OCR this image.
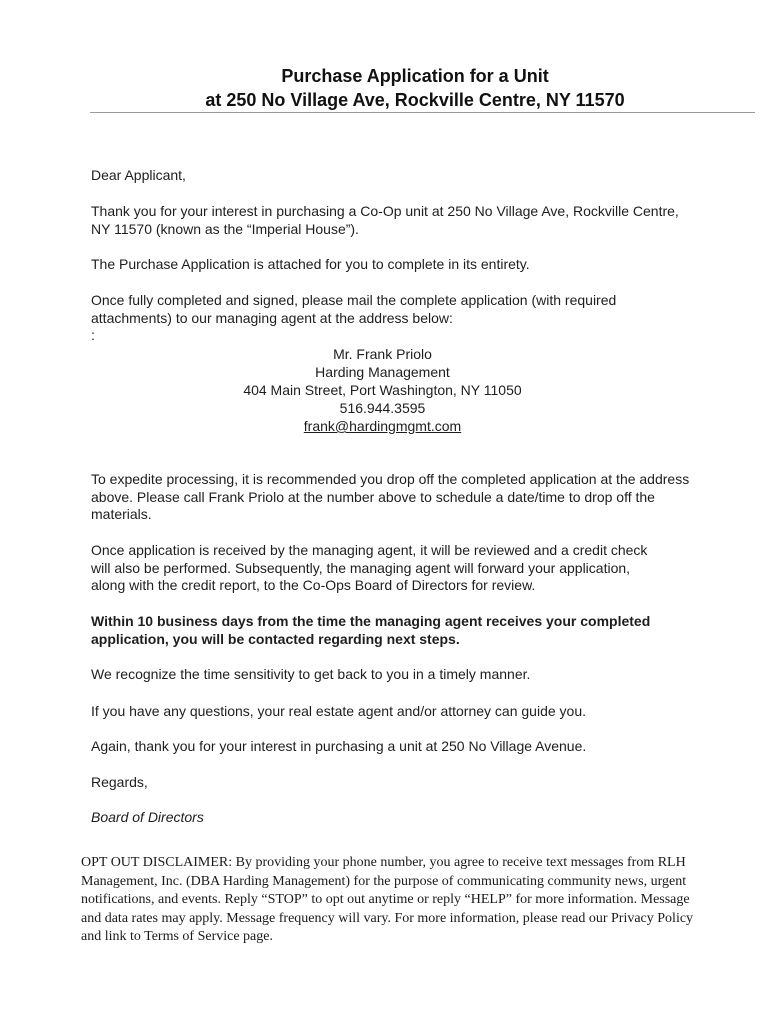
Purchase Application for a Unit
at 250 No Village Ave, Rockville Centre, NY 11570
Dear Applicant,
Thank you for your interest in purchasing a Co-Op unit at 250 No Village Ave, Rockville Centre, NY 11570 (known as the “Imperial House”).
The Purchase Application is attached for you to complete in its entirety.
Once fully completed and signed, please mail the complete application (with required attachments) to our managing agent at the address below:
:
Mr. Frank Priolo
Harding Management
404 Main Street, Port Washington, NY 11050
516.944.3595
frank@hardingmgmt.com
To expedite processing, it is recommended you drop off the completed application at the address above. Please call Frank Priolo at the number above to schedule a date/time to drop off the materials.
Once application is received by the managing agent, it will be reviewed and a credit check will also be performed. Subsequently, the managing agent will forward your application, along with the credit report, to the Co-Ops Board of Directors for review.
Within 10 business days from the time the managing agent receives your completed application, you will be contacted regarding next steps.
We recognize the time sensitivity to get back to you in a timely manner.
If you have any questions, your real estate agent and/or attorney can guide you.
Again, thank you for your interest in purchasing a unit at 250 No Village Avenue.
Regards,
Board of Directors
OPT OUT DISCLAIMER: By providing your phone number, you agree to receive text messages from RLH Management, Inc. (DBA Harding Management) for the purpose of communicating community news, urgent notifications, and events. Reply “STOP” to opt out anytime or reply “HELP” for more information. Message and data rates may apply. Message frequency will vary. For more information, please read our Privacy Policy and link to Terms of Service page.
